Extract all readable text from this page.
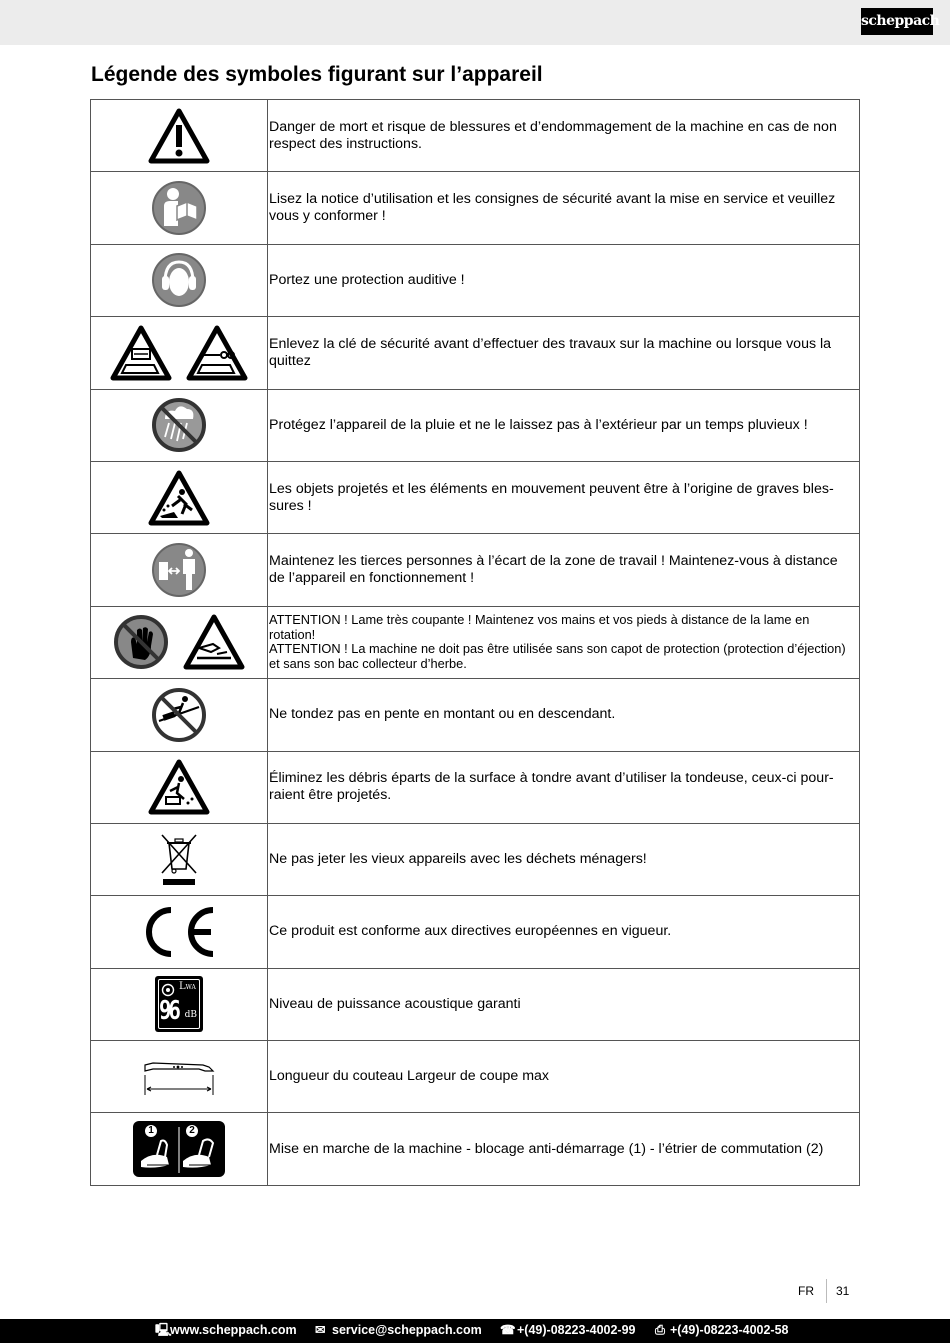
scheppach
Légende des symboles figurant sur l’appareil
	Danger de mort et risque de blessures et d’endommagement de la machine en cas de non respect des instructions.

	Lisez la notice d’utilisation et les consignes de sécurité avant la mise en service et veuillez vous y conformer !

	Portez une protection auditive !

	Enlevez la clé de sécurité avant d’effectuer des travaux sur la machine ou lorsque vous la quittez

	Protégez l’appareil de la pluie et ne le laissez pas à l’extérieur par un temps pluvieux !

	Les objets projetés et les éléments en mouvement peuvent être à l’origine de graves bles-sures !

	Maintenez les tierces personnes à l’écart de la zone de travail ! Maintenez-vous à distance de l’appareil en fonctionnement !

	ATTENTION ! Lame très coupante ! Maintenez vos mains et vos pieds à distance de la lame en rotation!
ATTENTION ! La machine ne doit pas être utilisée sans son capot de protection (protection d’éjection) et sans son bac collecteur d’herbe.

	Ne tondez pas en pente en montant ou en descendant.

	Éliminez les débris éparts de la surface à tondre avant d’utiliser la tondeuse, ceux-ci pour-raient être projetés.

	Ne pas jeter les vieux appareils avec les déchets ménagers!

	Ce produit est conforme aux directives européennes en vigueur.

LWA
96 dB	Niveau de puissance acoustique garanti

	Longueur du couteau Largeur de coupe max

1 2	Mise en marche de la machine - blocage anti-démarrage (1) - l’étrier de commutation (2)
FR 31
🖳
www.scheppach.com ✉ service@scheppach.com ☎ +(49)-08223-4002-99 ⎙ +(49)-08223-4002-58
